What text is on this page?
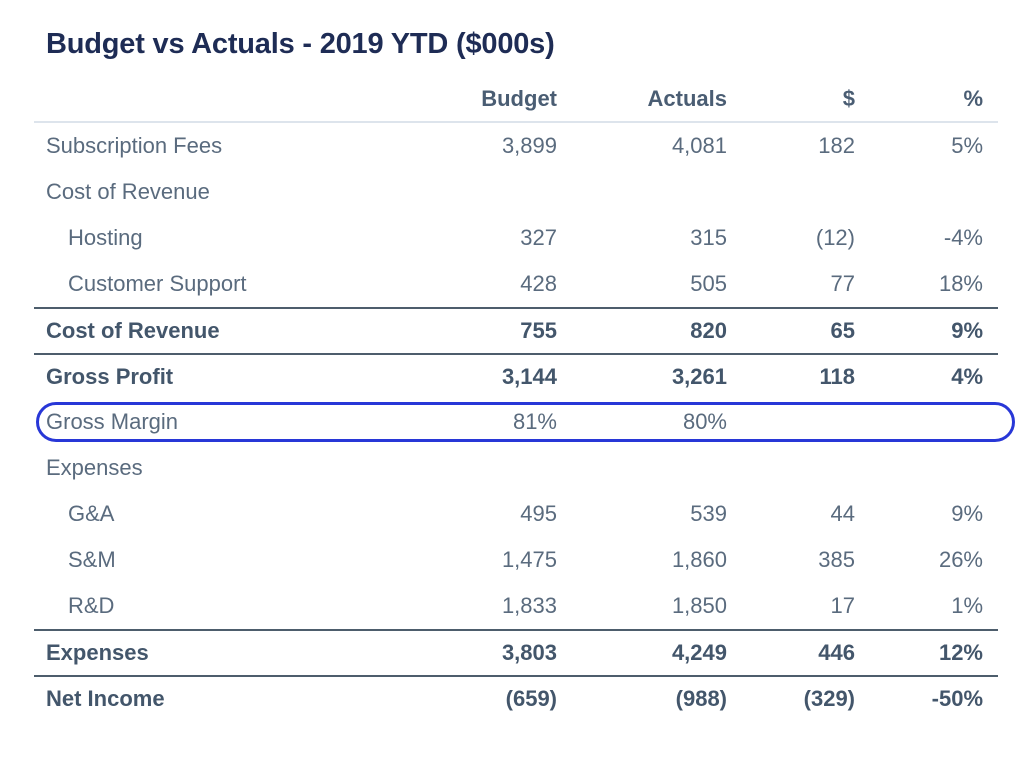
Budget vs Actuals - 2019 YTD ($000s)
Budget	Actuals	$	%
Subscription Fees	3,899	4,081	182	5%
Cost of Revenue
Hosting	327	315	(12)	-4%
Customer Support	428	505	77	18%
Cost of Revenue	755	820	65	9%
Gross Profit	3,144	3,261	118	4%
Gross Margin	81%	80%
Expenses
G&A	495	539	44	9%
S&M	1,475	1,860	385	26%
R&D	1,833	1,850	17	1%
Expenses	3,803	4,249	446	12%
Net Income	(659)	(988)	(329)	-50%
